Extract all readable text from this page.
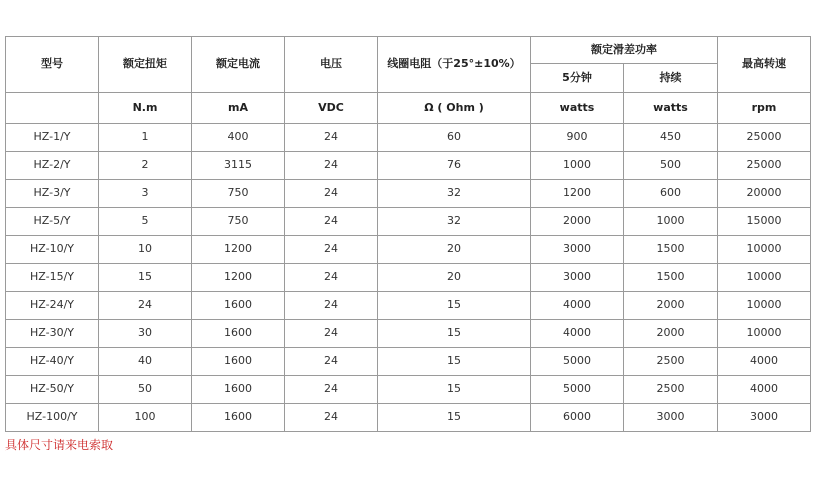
型号	额定扭矩	额定电流	电压	线圈电阻（于25°±10%）	额定滑差功率		最高转速
					5分钟	持续	
	N.m	mA	VDC	Ω ( Ohm )	watts	watts	rpm
HZ-1/Y	1	400	24	60	900	450	25000
HZ-2/Y	2	3115	24	76	1000	500	25000
HZ-3/Y	3	750	24	32	1200	600	20000
HZ-5/Y	5	750	24	32	2000	1000	15000
HZ-10/Y	10	1200	24	20	3000	1500	10000
HZ-15/Y	15	1200	24	20	3000	1500	10000
HZ-24/Y	24	1600	24	15	4000	2000	10000
HZ-30/Y	30	1600	24	15	4000	2000	10000
HZ-40/Y	40	1600	24	15	5000	2500	4000
HZ-50/Y	50	1600	24	15	5000	2500	4000
HZ-100/Y	100	1600	24	15	6000	3000	3000
具体尺寸请来电索取
